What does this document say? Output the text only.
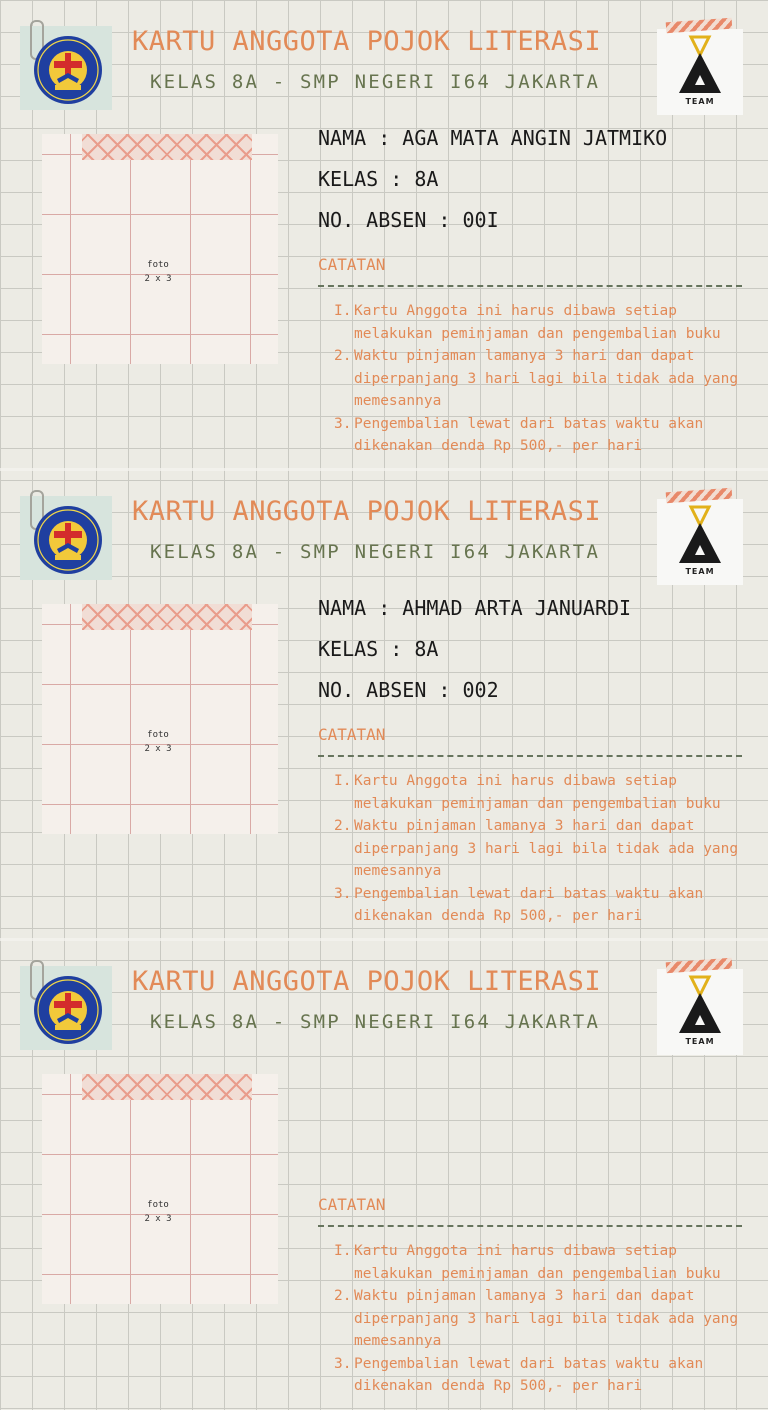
KARTU ANGGOTA POJOK LITERASI
KELAS 8A - SMP NEGERI I64 JAKARTA
TEAM
foto
2 x 3
NAMA : AGA MATA ANGIN JATMIKO
KELAS : 8A
NO. ABSEN : 00I
CATATAN
I. Kartu Anggota ini harus dibawa setiap melakukan peminjaman dan pengembalian buku
2. Waktu pinjaman lamanya 3 hari dan dapat diperpanjang 3 hari lagi bila tidak ada yang memesannya
3. Pengembalian lewat dari batas waktu akan dikenakan denda Rp 500,- per hari
KARTU ANGGOTA POJOK LITERASI
KELAS 8A - SMP NEGERI I64 JAKARTA
TEAM
foto
2 x 3
NAMA : AHMAD ARTA JANUARDI
KELAS : 8A
NO. ABSEN : 002
CATATAN
I. Kartu Anggota ini harus dibawa setiap melakukan peminjaman dan pengembalian buku
2. Waktu pinjaman lamanya 3 hari dan dapat diperpanjang 3 hari lagi bila tidak ada yang memesannya
3. Pengembalian lewat dari batas waktu akan dikenakan denda Rp 500,- per hari
KARTU ANGGOTA POJOK LITERASI
KELAS 8A - SMP NEGERI I64 JAKARTA
TEAM
foto
2 x 3
CATATAN
I. Kartu Anggota ini harus dibawa setiap melakukan peminjaman dan pengembalian buku
2. Waktu pinjaman lamanya 3 hari dan dapat diperpanjang 3 hari lagi bila tidak ada yang memesannya
3. Pengembalian lewat dari batas waktu akan dikenakan denda Rp 500,- per hari
